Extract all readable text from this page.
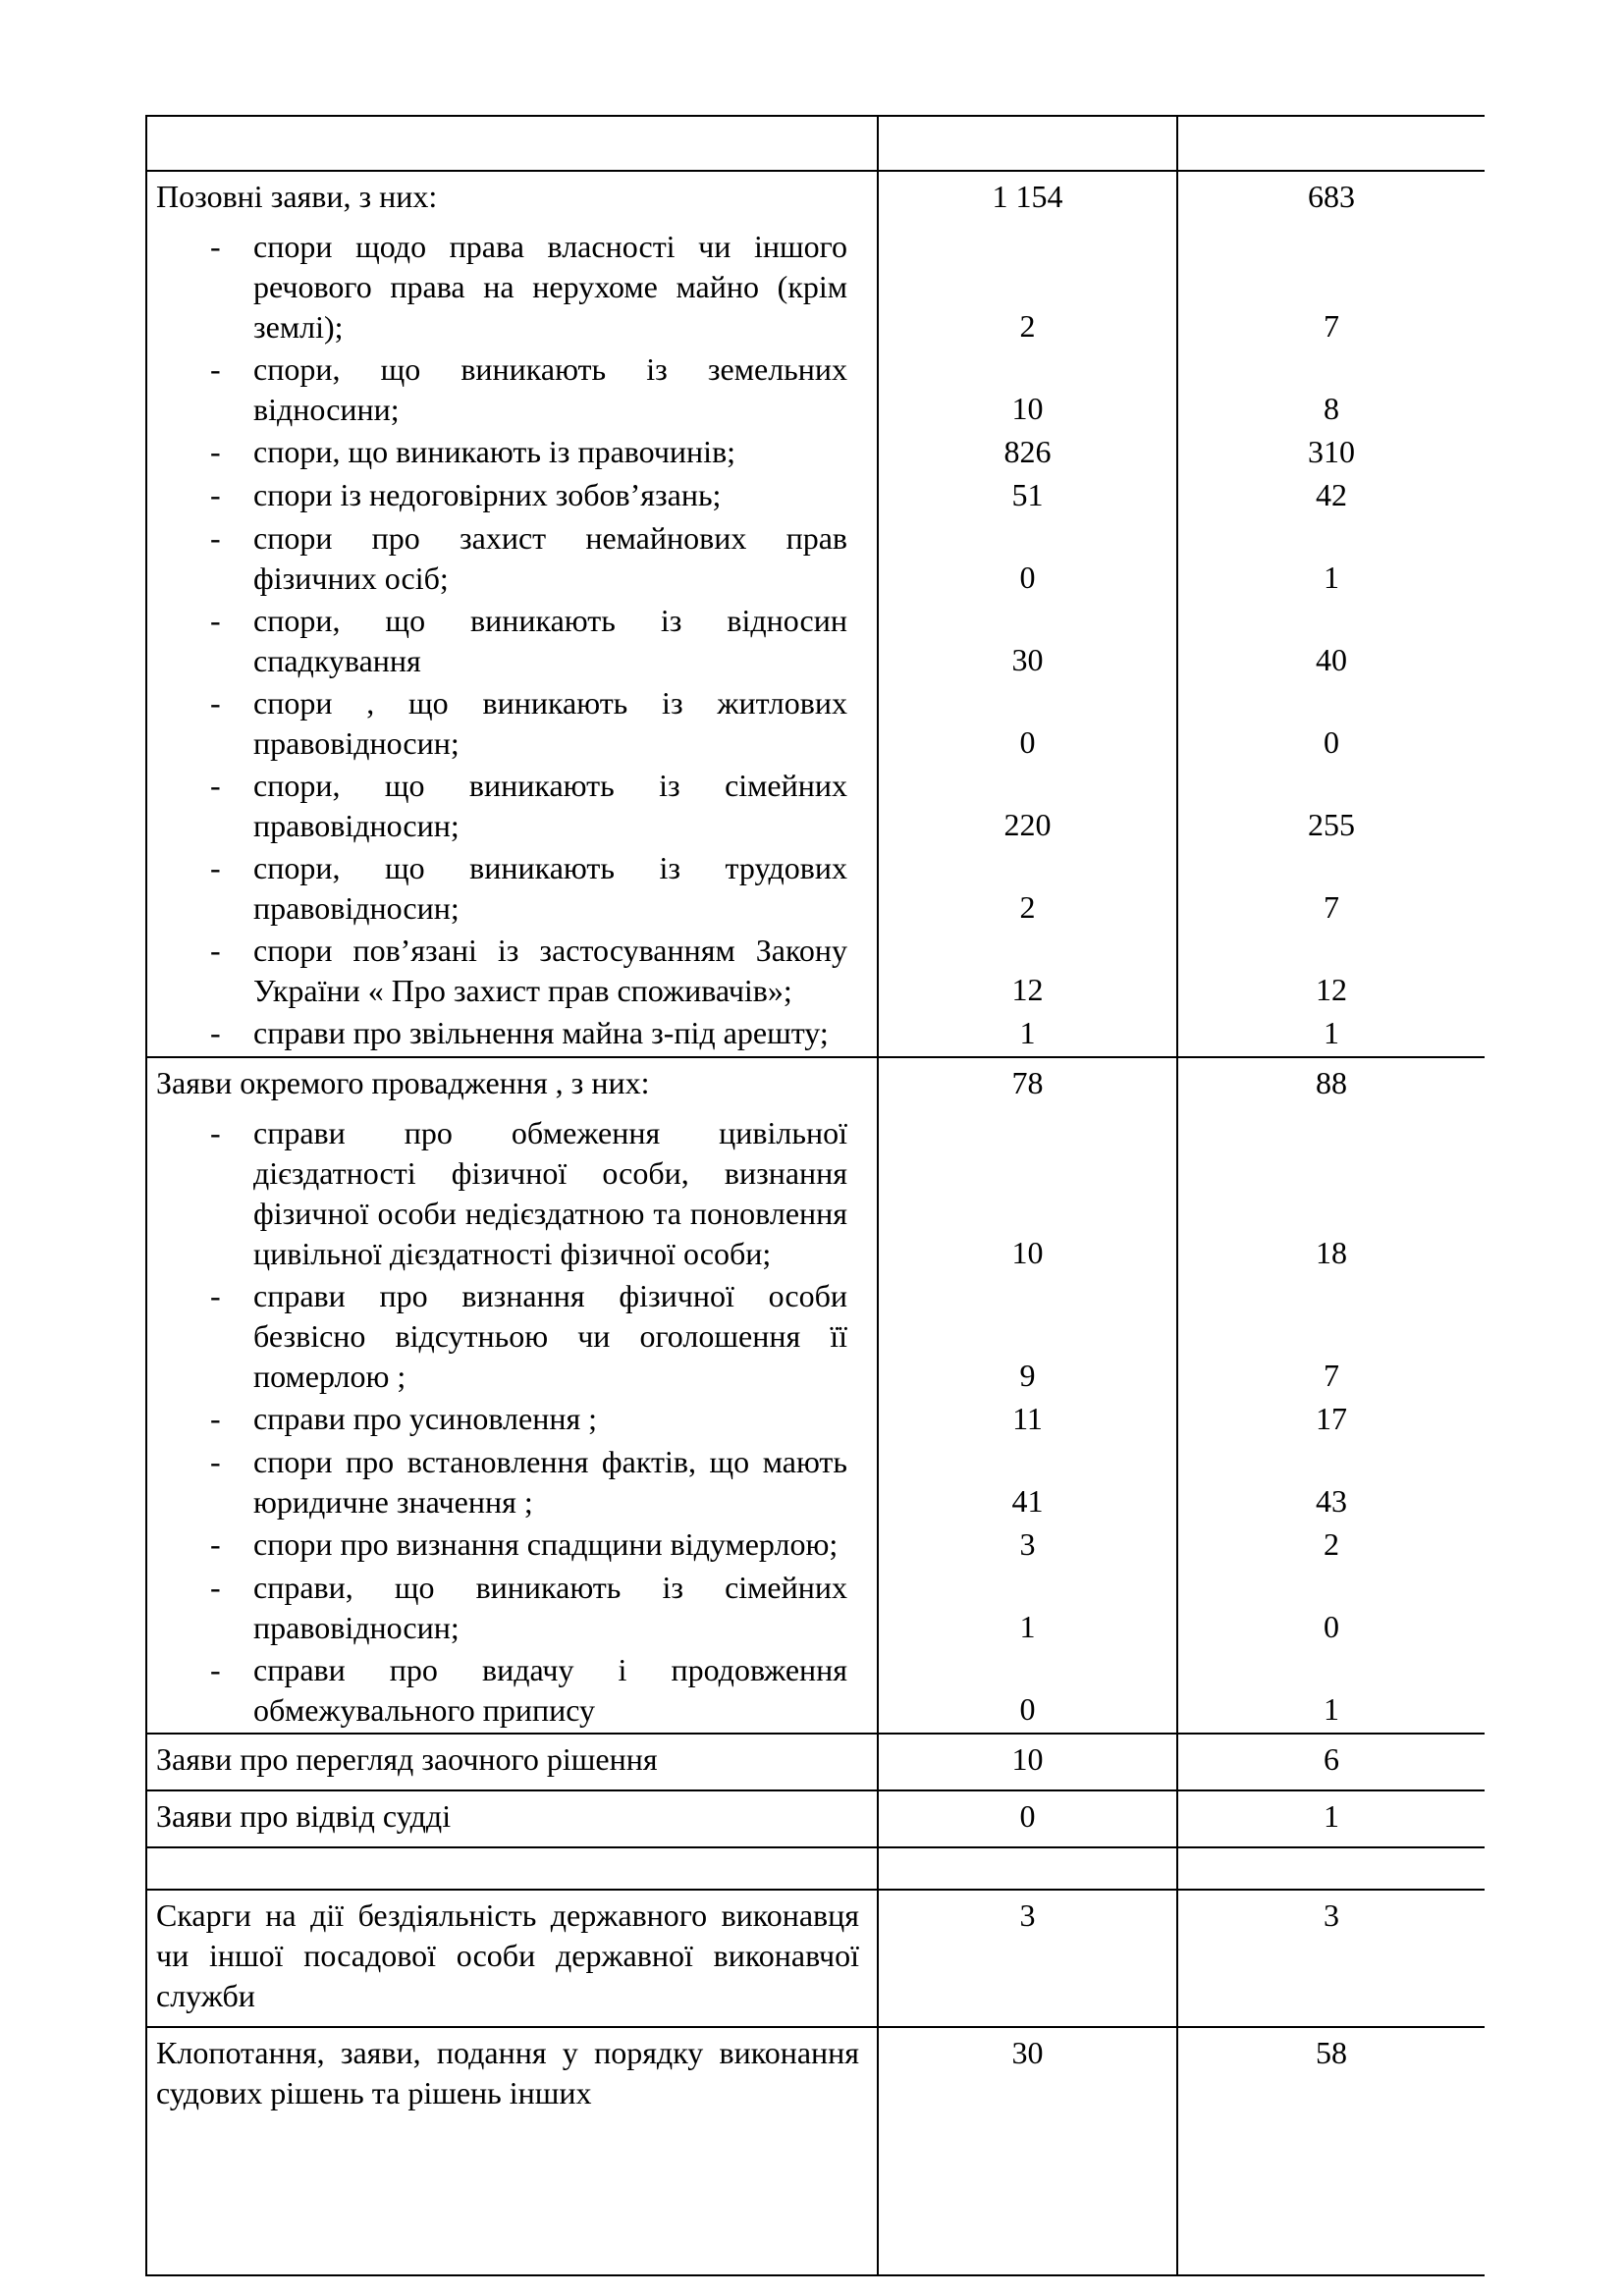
Позовні заяви, з них:	1 154	683

- спори щодо права власності чи іншого речового права на нерухоме майно (крім землі);	2	7

- спори, що виникають із земельних відносини;	10	8

- спори, що виникають із правочинів;	826	310

- спори із недоговірних зобов’язань;	51	42

- спори про захист немайнових прав фізичних осіб;	0	1

- спори, що виникають із відносин спадкування	30	40

- спори , що виникають із житлових правовідносин;	0	0

- спори, що виникають із сімейних правовідносин;	220	255

- спори, що виникають із трудових правовідносин;	2	7

- спори пов’язані із застосуванням Закону України « Про захист прав споживачів»;	12	12

- справи про звільнення майна з-під арешту;	1	1
Заяви окремого провадження , з них:	78	88

- справи про обмеження цивільної дієздатності фізичної особи, визнання фізичної особи недієздатною та поновлення цивільної дієздатності фізичної особи;	10	18

- справи про визнання фізичної особи безвісно відсутньою чи оголошення її померлою ;	9	7

- справи про усиновлення ;	11	17

- спори про встановлення фактів, що мають юридичне значення ;	41	43

- спори про визнання спадщини відумерлою;	3	2

- справи, що виникають із сімейних правовідносин;	1	0

- справи про видачу і продовження обмежувального припису	0	1
Заяви про перегляд заочного рішення	10	6
Заяви про відвід судді	0	1

Скарги на дії бездіяльність державного виконавця чи іншої посадової особи державної виконавчої служби	3	3
Клопотання, заяви, подання у порядку виконання судових рішень та рішень інших	30	58
